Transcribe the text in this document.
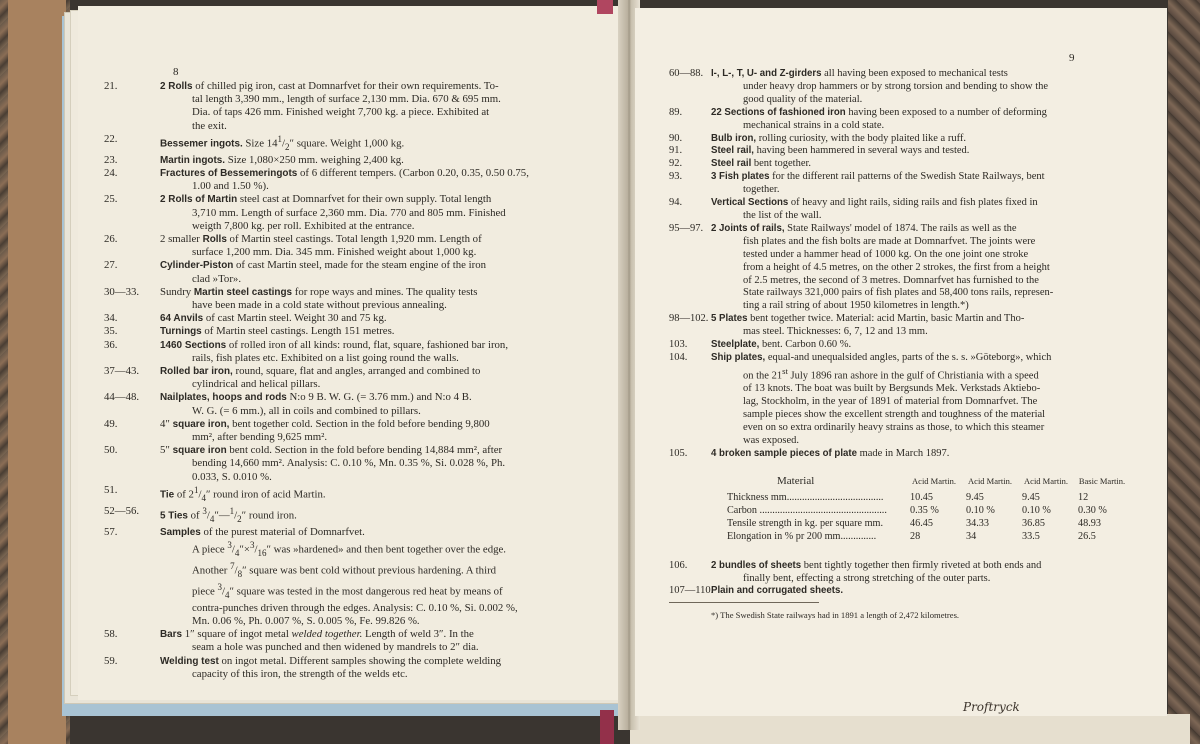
8
21.	2 Rolls of chilled pig iron, cast at Domnarfvet for their own requirements. To-
tal length 3,390 mm., length of surface 2,130 mm. Dia. 670 & 695 mm.
Dia. of taps 426 mm. Finished weight 7,700 kg. a piece. Exhibited at
the exit.
22.	Bessemer ingots. Size $14^1/_2''$ square. Weight 1,000 kg.
23.	Martin ingots. Size 1,080×250 mm. weighing 2,400 kg.
24.	Fractures of Bessemeringots of 6 different tempers. (Carbon 0.20, 0.35, 0.50 0.75,
1.00 and 1.50 %).
25.	2 Rolls of Martin steel cast at Domnarfvet for their own supply. Total length
3,710 mm. Length of surface 2,360 mm. Dia. 770 and 805 mm. Finished
weigth 7,800 kg. per roll. Exhibited at the entrance.
26.	2 smaller Rolls of Martin steel castings. Total length 1,920 mm. Length of
surface 1,200 mm. Dia. 345 mm. Finished weight about 1,000 kg.
27.	Cylinder-Piston of cast Martin steel, made for the steam engine of the iron
clad »Tor».
30—33.	Sundry Martin steel castings for rope ways and mines. The quality tests
have been made in a cold state without previous annealing.
34.	64 Anvils of cast Martin steel. Weight 30 and 75 kg.
35.	Turnings of Martin steel castings. Length 151 metres.
36.	1460 Sections of rolled iron of all kinds: round, flat, square, fashioned bar iron,
rails, fish plates etc. Exhibited on a list going round the walls.
37—43.	Rolled bar iron, round, square, flat and angles, arranged and combined to
cylindrical and helical pillars.
44—48.	Nailplates, hoops and rods N:o 9 B. W. G. (= 3.76 mm.) and N:o 4 B.
W. G. (= 6 mm.), all in coils and combined to pillars.
49.	4″ square iron, bent together cold. Section in the fold before bending 9,800
mm², after bending 9,625 mm².
50.	5″ square iron bent cold. Section in the fold before bending 14,884 mm², after
bending 14,660 mm². Analysis: C. 0.10 %, Mn. 0.35 %, Si. 0.028 %, Ph.
0.033, S. 0.010 %.
51.	Tie of $2^1/_4''$ round iron of acid Martin.
52—56.	5 Ties of $^3/_4''—^1/_2''$ round iron.
57.	Samples of the purest material of Domnarfvet.
A piece $^3/_4''\times^3/_{16}''$ was »hardened» and then bent together over the edge.
Another $^7/_8''$ square was bent cold without previous hardening. A third
piece $^3/_4''$ square was tested in the most dangerous red heat by means of
contra-punches driven through the edges. Analysis: C. 0.10 %, Si. 0.002 %,
Mn. 0.06 %, Ph. 0.007 %, S. 0.005 %, Fe. 99.826 %.
58.	Bars 1″ square of ingot metal welded together. Length of weld 3″. In the
seam a hole was punched and then widened by mandrels to 2″ dia.
59.	Welding test on ingot metal. Different samples showing the complete welding
capacity of this iron, the strength of the welds etc.
9
60—88. I-, L-, T, U- and Z-girders all having been exposed to mechanical tests
under heavy drop hammers or by strong torsion and bending to show the
good quality of the material.
89.	22 Sections of fashioned iron having been exposed to a number of deforming
mechanical strains in a cold state.
90.	Bulb iron, rolling curiosity, with the body plaited like a ruff.
91.	Steel rail, having been hammered in several ways and tested.
92.	Steel rail bent together.
93.	3 Fish plates for the different rail patterns of the Swedish State Railways, bent
together.
94.	Vertical Sections of heavy and light rails, siding rails and fish plates fixed in
the list of the wall.
95—97. 2 Joints of rails, State Railways' model of 1874. The rails as well as the
fish plates and the fish bolts are made at Domnarfvet. The joints were
tested under a hammer head of 1000 kg. On the one joint one stroke
from a height of 4.5 metres, on the other 2 strokes, the first from a height
of 2.5 metres, the second of 3 metres. Domnarfvet has furnished to the
State railways 321,000 pairs of fish plates and 58,400 tons rails, represen-
ting a rail string of about 1950 kilometres in length.*)
98—102. 5 Plates bent together twice. Material: acid Martin, basic Martin and Tho-
mas steel. Thicknesses: 6, 7, 12 and 13 mm.
103. Steelplate, bent. Carbon 0.60 %.
104. Ship plates, equal-and unequalsided angles, parts of the s. s. »Göteborg», which
on the 21st July 1896 ran ashore in the gulf of Christiania with a speed
of 13 knots. The boat was built by Bergsunds Mek. Verkstads Aktiebo-
lag, Stockholm, in the year of 1891 of material from Domnarfvet. The
sample pieces show the excellent strength and toughness of the material
even on so extra ordinarily heavy strains as those, to which this steamer
was exposed.
105. 4 broken sample pieces of plate made in March 1897.
Material	Acid Martin.	Acid Martin.	Acid Martin.	Basic Martin.
Thickness mm......................................	10.45	9.45	9.45	12
Carbon ..................................................	0.35 %	0.10 %	0.10 %	0.30 %
Tensile strength in kg. per square mm.	46.45	34.33	36.85	48.93
Elongation in % pr 200 mm..............	28	34	33.5	26.5
106. 2 bundles of sheets bent tightly together then firmly riveted at both ends and
finally bent, effecting a strong stretching of the outer parts.
107—110.
Plain and corrugated sheets.
*) The Swedish State railways had in 1891 a length of 2,472 kilometres.
Proftryck
